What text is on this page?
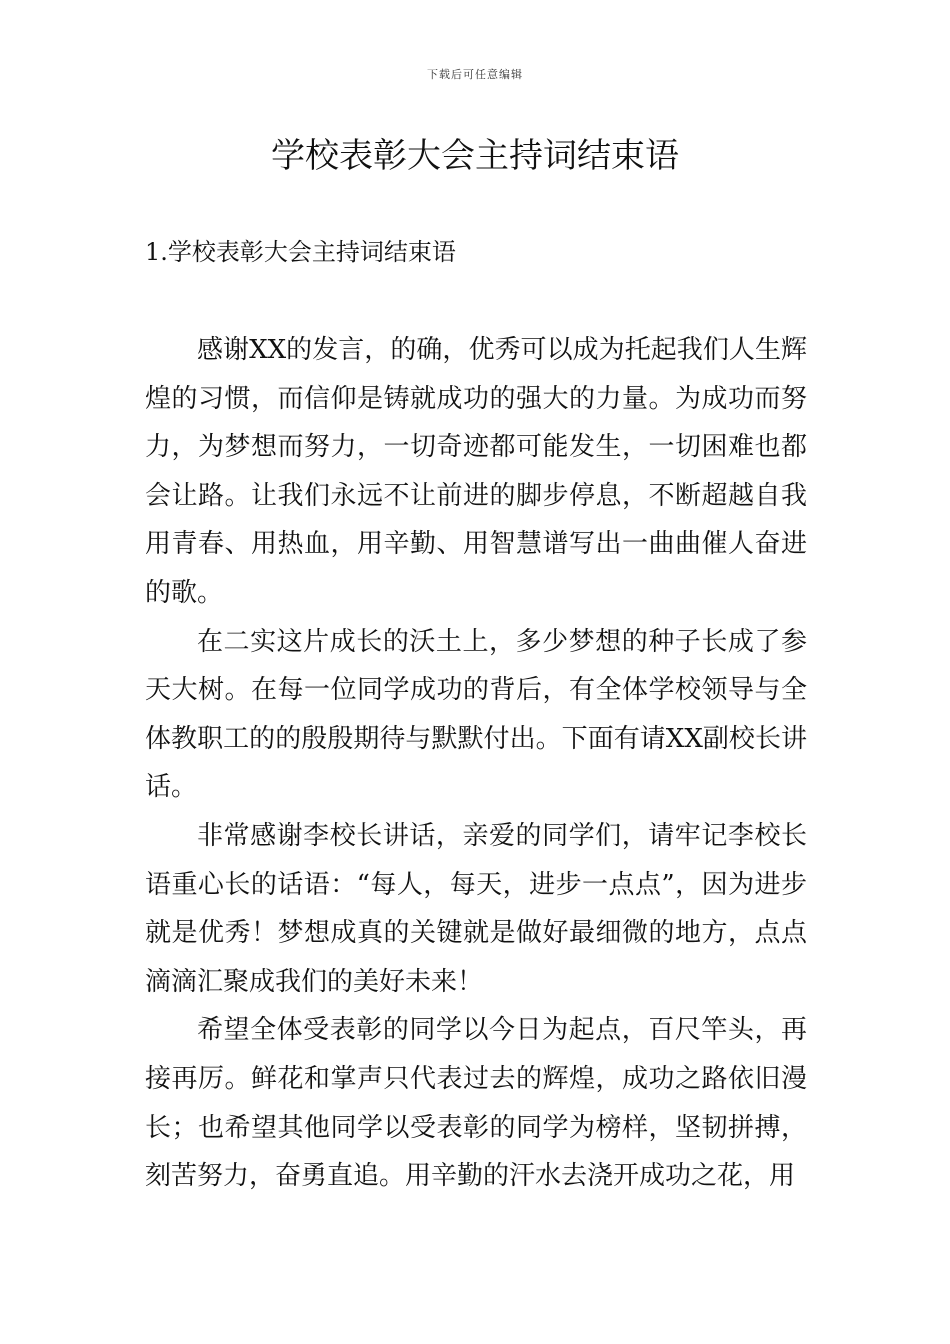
下载后可任意编辑
学校表彰大会主持词结束语
1.学校表彰大会主持词结束语

感谢XX的发言，的确，优秀可以成为托起我们人生辉煌的习惯，而信仰是铸就成功的强大的力量。为成功而努力，为梦想而努力，一切奇迹都可能发生，一切困难也都会让路。让我们永远不让前进的脚步停息，不断超越自我用青春、用热血，用辛勤、用智慧谱写出一曲曲催人奋进的歌。

在二实这片成长的沃土上，多少梦想的种子长成了参天大树。在每一位同学成功的背后，有全体学校领导与全体教职工的的殷殷期待与默默付出。下面有请XX副校长讲话。

非常感谢李校长讲话，亲爱的同学们，请牢记李校长语重心长的话语：“每人，每天，进步一点点”，因为进步就是优秀！梦想成真的关键就是做好最细微的地方，点点滴滴汇聚成我们的美好未来！

希望全体受表彰的同学以今日为起点，百尺竿头，再接再厉。鲜花和掌声只代表过去的辉煌，成功之路依旧漫长；也希望其他同学以受表彰的同学为榜样，坚韧拼搏，刻苦努力，奋勇直追。用辛勤的汗水去浇开成功之花，用
